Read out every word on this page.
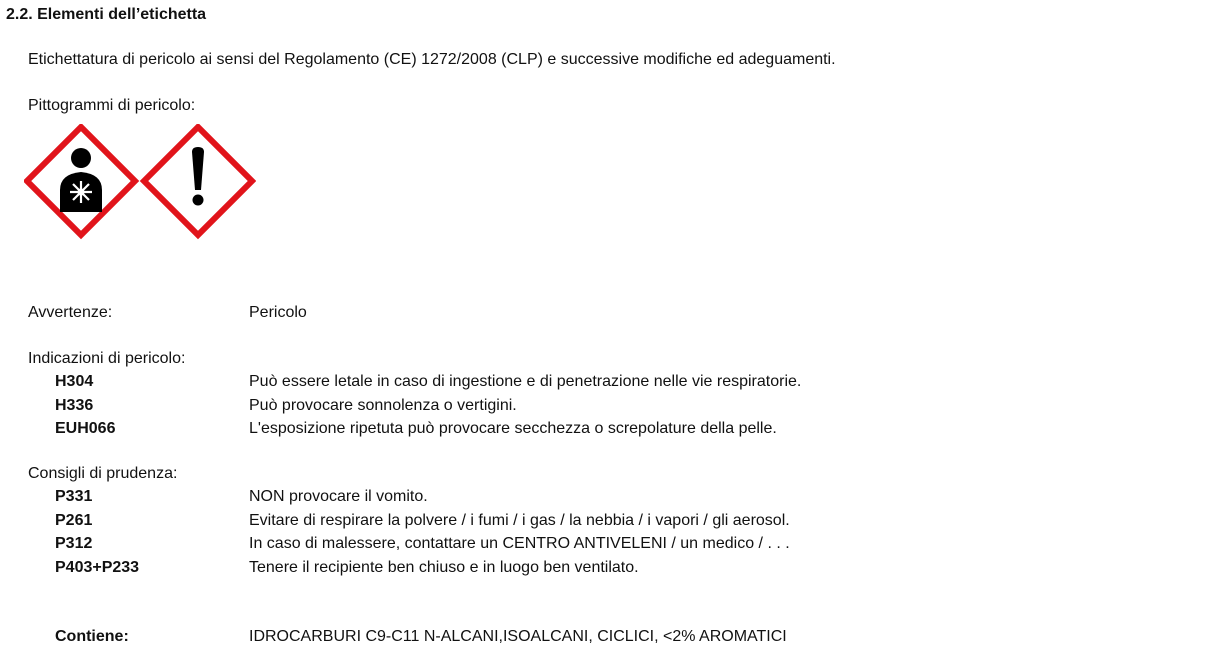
2.2. Elementi dell’etichetta
Etichettatura di pericolo ai sensi del Regolamento (CE) 1272/2008 (CLP) e successive modifiche ed adeguamenti.
Pittogrammi di pericolo:
Avvertenze:	Pericolo
Indicazioni di pericolo:
H304	Può essere letale in caso di ingestione e di penetrazione nelle vie respiratorie.
H336	Può provocare sonnolenza o vertigini.
EUH066	L'esposizione ripetuta può provocare secchezza o screpolature della pelle.
Consigli di prudenza:
P331	NON provocare il vomito.
P261	Evitare di respirare la polvere / i fumi / i gas / la nebbia / i vapori / gli aerosol.
P312	In caso di malessere, contattare un CENTRO ANTIVELENI / un medico / . . .
P403+P233	Tenere il recipiente ben chiuso e in luogo ben ventilato.
Contiene:	IDROCARBURI C9-C11 N-ALCANI,ISOALCANI, CICLICI, <2% AROMATICI
